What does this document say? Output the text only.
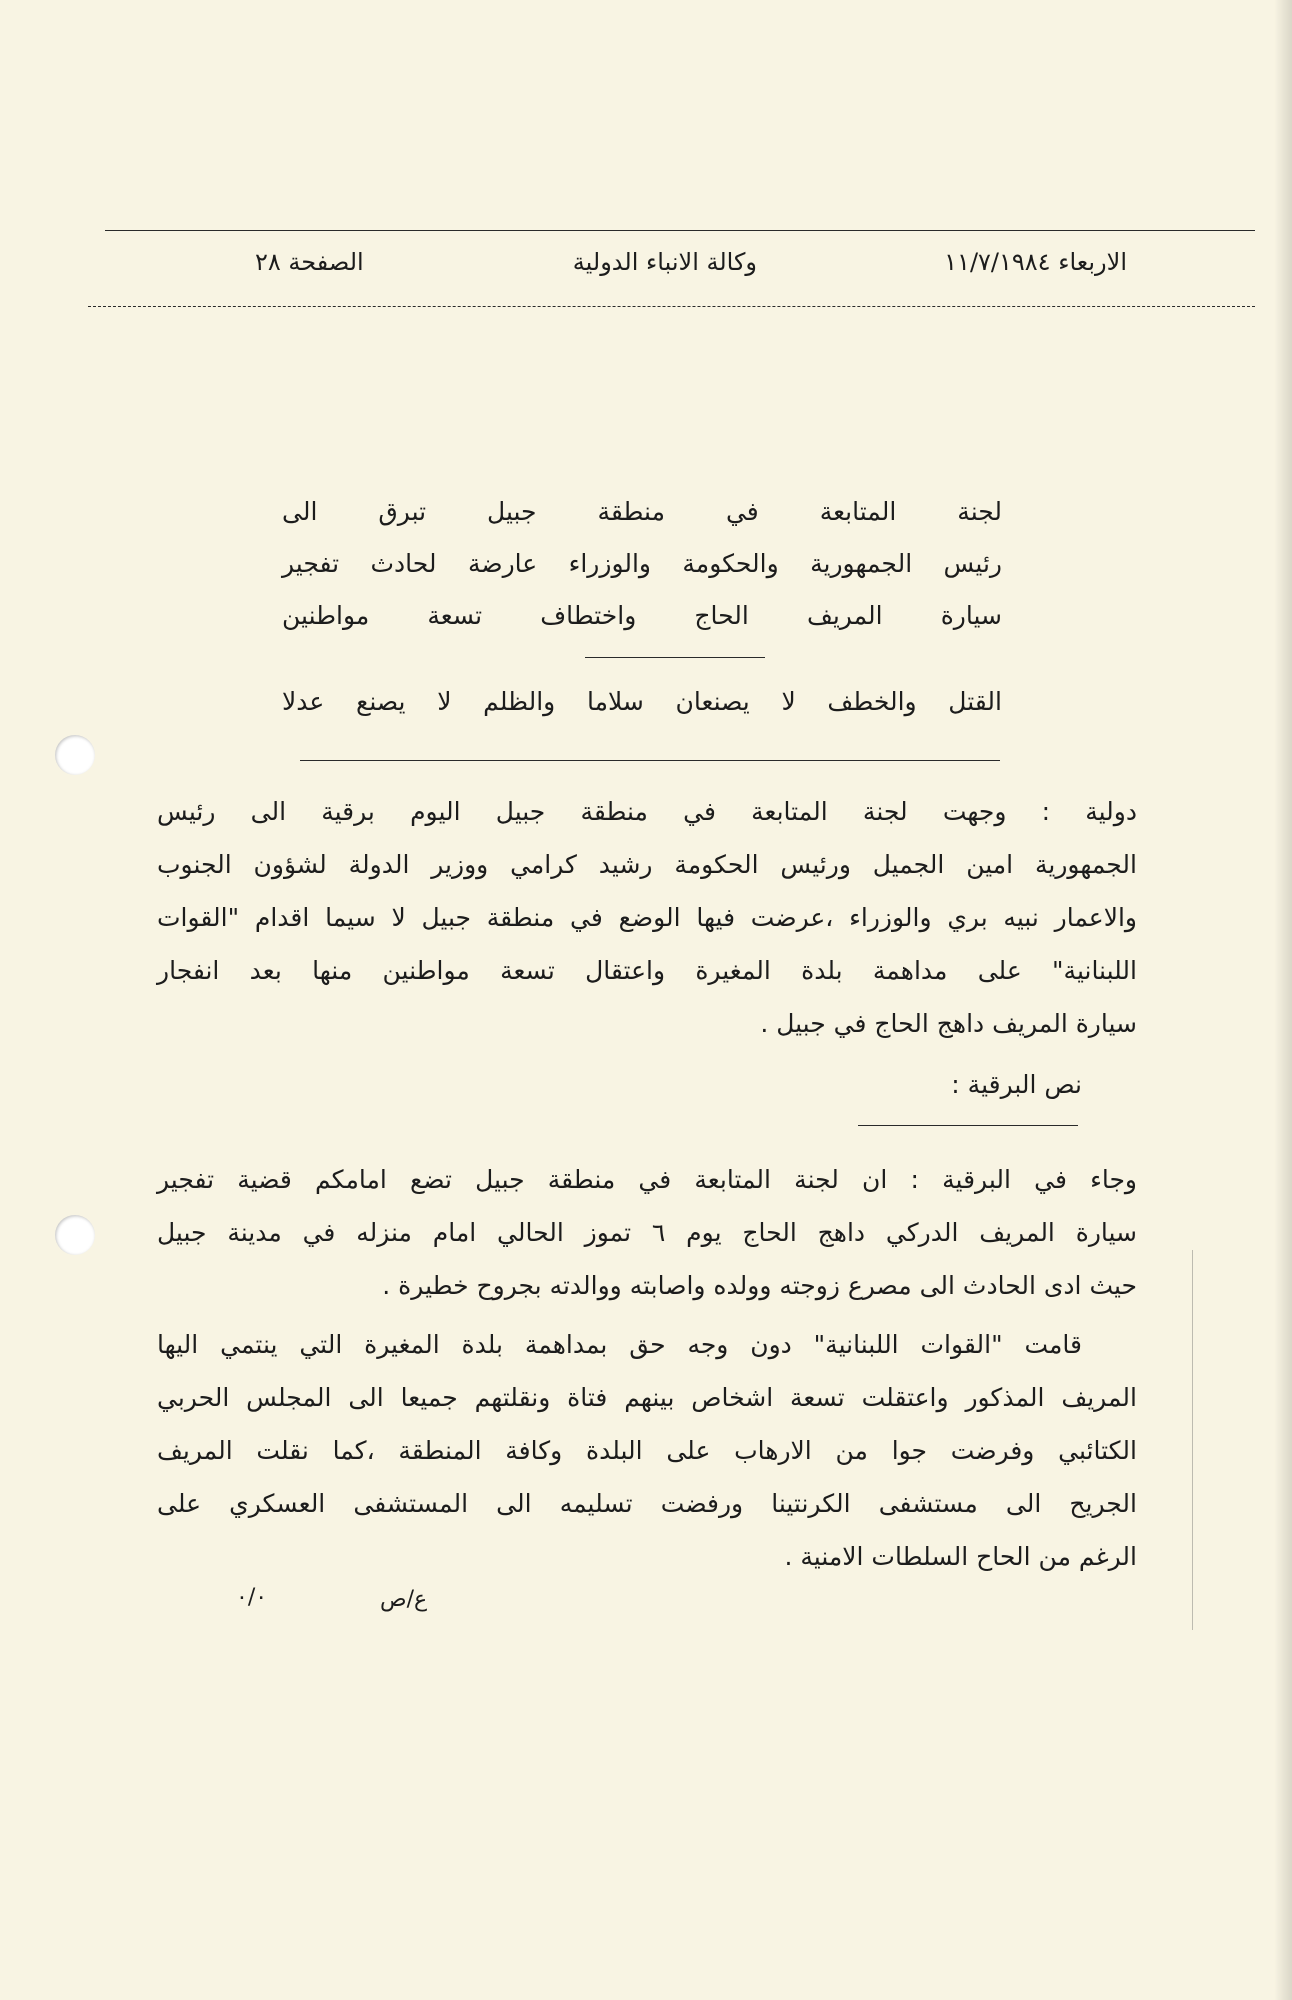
الاربعاء ١١/٧/١٩٨٤
وكالة الانباء الدولية
الصفحة ٢٨
لجنة المتابعة في منطقة جبيل تبرق الى
رئيس الجمهورية والحكومة والوزراء عارضة لحادث تفجير
سيارة المريف الحاج واختطاف تسعة مواطنين
القتل والخطف لا يصنعان سلاما والظلم لا يصنع عدلا
دولية : وجهت لجنة المتابعة في منطقة جبيل اليوم برقية الى رئيس
الجمهورية امين الجميل ورئيس الحكومة رشيد كرامي ووزير الدولة لشؤون الجنوب
والاعمار نبيه بري والوزراء ،عرضت فيها الوضع في منطقة جبيل لا سيما اقدام "القوات
اللبنانية" على مداهمة بلدة المغيرة واعتقال تسعة مواطنين منها بعد انفجار
سيارة المريف داهج الحاج في جبيل .
نص البرقية :
وجاء في البرقية : ان لجنة المتابعة في منطقة جبيل تضع امامكم قضية تفجير
سيارة المريف الدركي داهج الحاج يوم ٦ تموز الحالي امام منزله في مدينة جبيل
حيث ادى الحادث الى مصرع زوجته وولده واصابته ووالدته بجروح خطيرة .
قامت "القوات اللبنانية" دون وجه حق بمداهمة بلدة المغيرة التي ينتمي اليها
المريف المذكور واعتقلت تسعة اشخاص بينهم فتاة ونقلتهم جميعا الى المجلس الحربي
الكتائبي وفرضت جوا من الارهاب على البلدة وكافة المنطقة ،كما نقلت المريف
الجريح الى مستشفى الكرنتينا ورفضت تسليمه الى المستشفى العسكري على
الرغم من الحاح السلطات الامنية .
ع/ص
٠/٠
